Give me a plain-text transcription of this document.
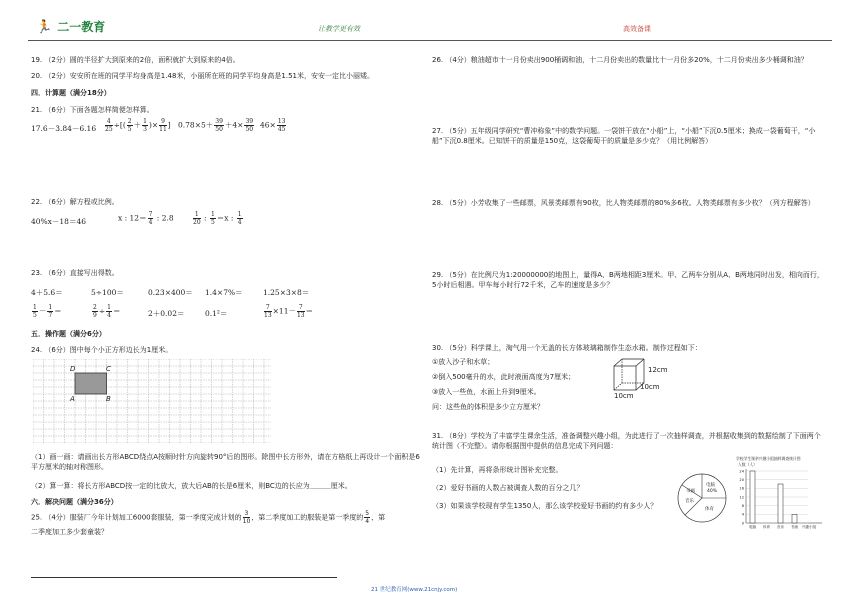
🏃 二一教育	让教学更有效	高效备课
19. （2分）圆的半径扩大到原来的2倍，面积就扩大到原来的4倍。
20. （2分）安安所在班的同学平均身高是1.48米，小丽所在班的同学平均身高是1.51米，安安一定比小丽矮。
四．计算题（满分18分）
21. （6分）下面各题怎样简便怎样算。
$17.6-3.84-6.16 \frac{4}{25}$ ÷[( $\frac{2}{5} + \frac{1}{3}$ )× $\frac{9}{11}$ ] $0.78\times 5+ \frac{39}{50} +4\times \frac{39}{50} 46\times \frac{13}{45}$
22. （6分）解方程或比例。
40%x－18＝46	x : $12= \frac{7}{4}$ : 2.8	$\frac{1}{20}$ : $\frac{1}{5} =x$ : $\frac{1}{4}$
23. （6分）直接写出得数。
4＋5.6＝	5÷100＝	0.23×400＝ 1.4×7%＝	1.25×3×8＝
$\frac{1}{5} - \frac{1}{7}$ ＝	$\frac{2}{9} \div \frac{1}{4}$ ＝	2＋0.02＝	0.1²＝	$\frac{7}{13} \times 11- \frac{7}{13}$ ＝
五．操作题（满分6分）
24. （6分）图中每个小正方形边长为1厘米。
D	C
A	B
（1）画一画：请画出长方形ABCD绕点A按顺时针方向旋转90°后的图形。除图中长方形外，请在方格纸上再设计一个面积是6平方厘米的轴对称图形。
（2）算一算：将长方形ABCD按一定的比放大，放大后AB的长是6厘米，则BC边的长应为＿＿＿厘米。
六．解决问题（满分36分）
25. （4分）服装厂今年计划加工6000套服装，第一季度完成计划的 $\frac{3}{10}$ ，第二季度加工的服装是第一季度的 $\frac{5}{4}$ ，第
二季度加工多少套童装？
26. （4分）粮油超市十一月份卖出900桶调和油，十二月份卖出的数量比十一月份多20%，十二月份卖出多少桶调和油？
27. （5分）五年级同学研究“曹冲称象”中的数学问题。一袋饼干放在“小船”上，“小船”下沉0.5厘米；换成一袋葡萄干，“小船”下沉0.8厘米。已知饼干的质量是150克，这袋葡萄干的质量是多少克？（用比例解答）
28. （5分）小芳收集了一些邮票，风景类邮票有90枚，比人物类邮票的80%多6枚。人物类邮票有多少枚？（列方程解答）
29. （5分）在比例尺为1:20000000的地图上，量得A、B两地相距3厘米。甲、乙两车分别从A、B两地同时出发，相向而行，5小时后相遇。甲车每小时行72千米，乙车的速度是多少？
30. （5分）科学课上，淘气用一个无盖的长方体玻璃箱制作生态水箱。制作过程如下：
①放入沙子和水草；
②倒入500毫升的水，此时液面高度为7厘米；
③放入一些鱼，水面上升到9厘米。
问：这些鱼的体积是多少立方厘米？
12cm
10cm
10cm
31. （8分）学校为了丰富学生课余生活，准备调整兴趣小组，为此进行了一次抽样调查，并根据收集到的数据绘制了下面两个统计图（不完整）。请你根据图中提供的信息完成下列问题：
（1）先计算，再将条形统计图补充完整。
（2）爱好书画的人数占被调查人数的百分之几？
（3）如果该学校现有学生1350人，那么该学校爱好书画的约有多少人？
电脑
40%
体育
音乐
书画
学校学生课余兴趣小组抽样调查统计图
人数（人）
0
4
8
12
16
20
24
电脑 体育 音乐 书画 兴趣小组
21 世纪教育网(www.21cnjy.com)
